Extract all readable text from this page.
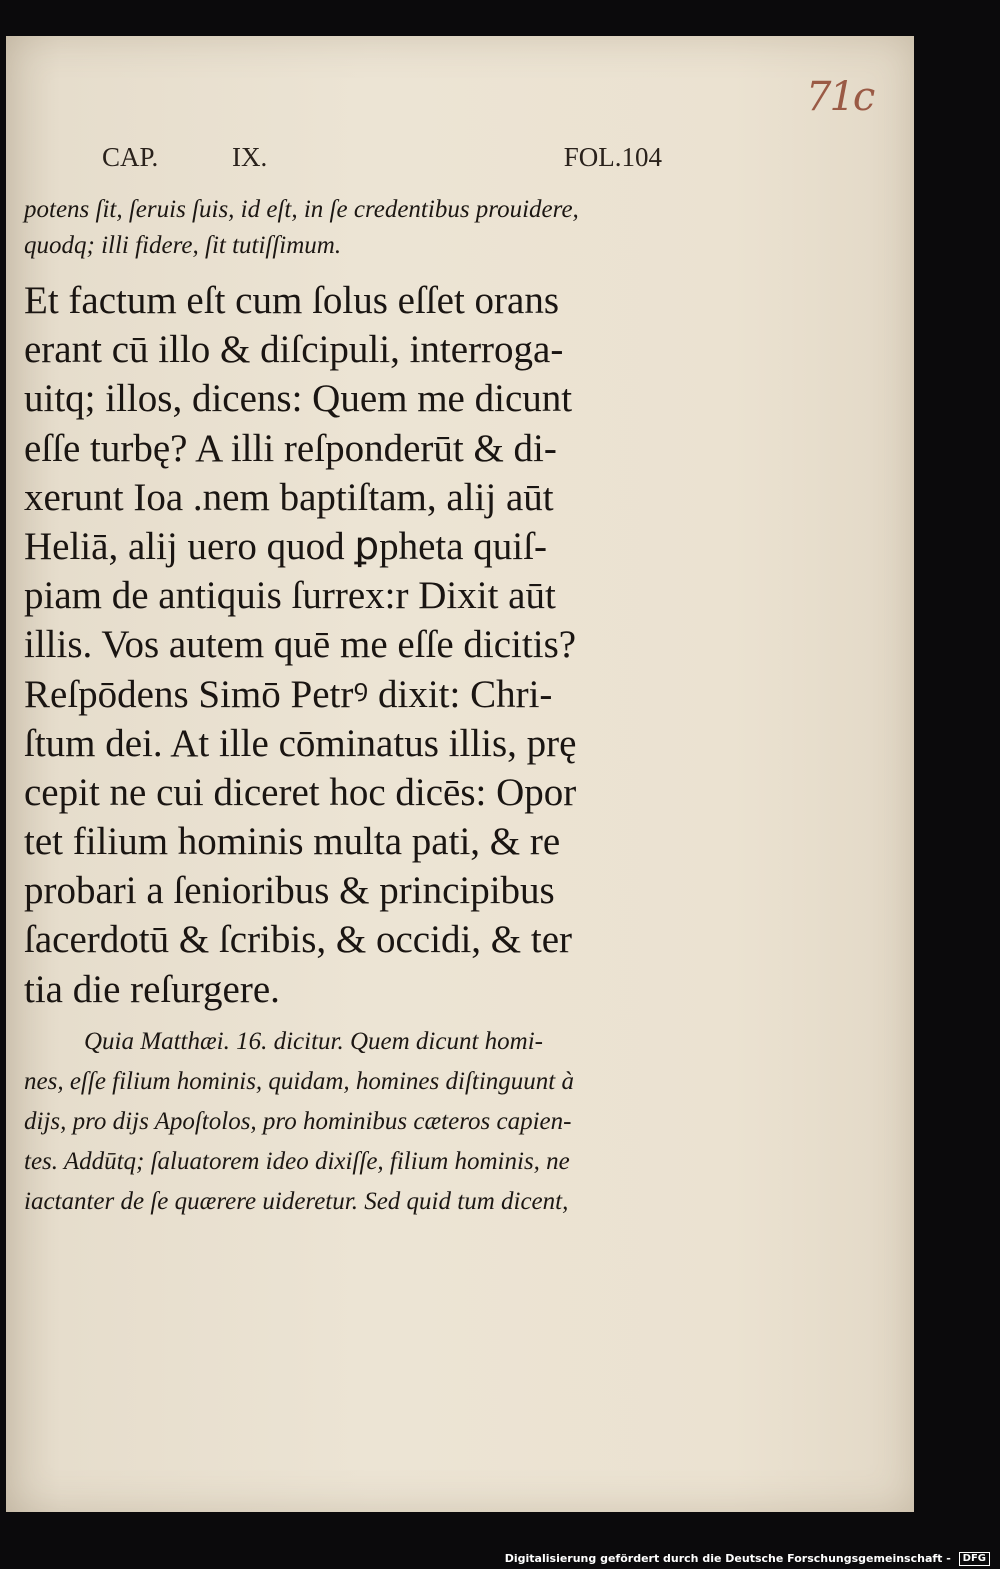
71c
CAP.	IX.	FOL.104
potens ſit, ſeruis ſuis, id eſt, in ſe credentibus prouidere,
quodq; illi fidere, ſit tutiſſimum.
Et factum eſt cum ſolus eſſet orans
erant cū illo & diſcipuli, interroga-
uitq; illos, dicens: Quem me dicunt
eſſe turbę? A illi reſponderūt & di-
xerunt Ioa .nem baptiſtam, alij aūt
Heliā, alij uero quod ꝑpheta quiſ-
piam de antiquis ſurrex:r Dixit aūt
illis. Vos autem quē me eſſe dicitis?
Reſpōdens Simō Petrꝰ dixit: Chri-
ſtum dei. At ille cōminatus illis, prę
cepit ne cui diceret hoc dicēs: Opor
tet filium hominis multa pati, & re
probari a ſenioribus & principibus
ſacerdotū & ſcribis, & occidi, & ter
tia die reſurgere.
Quia Matthæi. 16. dicitur. Quem dicunt homi-
nes, eſſe filium hominis, quidam, homines diſtinguunt à
dijs, pro dijs Apoſtolos, pro hominibus cæteros capien-
tes. Addūtq; ſaluatorem ideo dixiſſe, filium hominis, ne
iactanter de ſe quærere uideretur. Sed quid tum dicent,
Digitalisierung gefördert durch die Deutsche Forschungsgemeinschaft - DFG
